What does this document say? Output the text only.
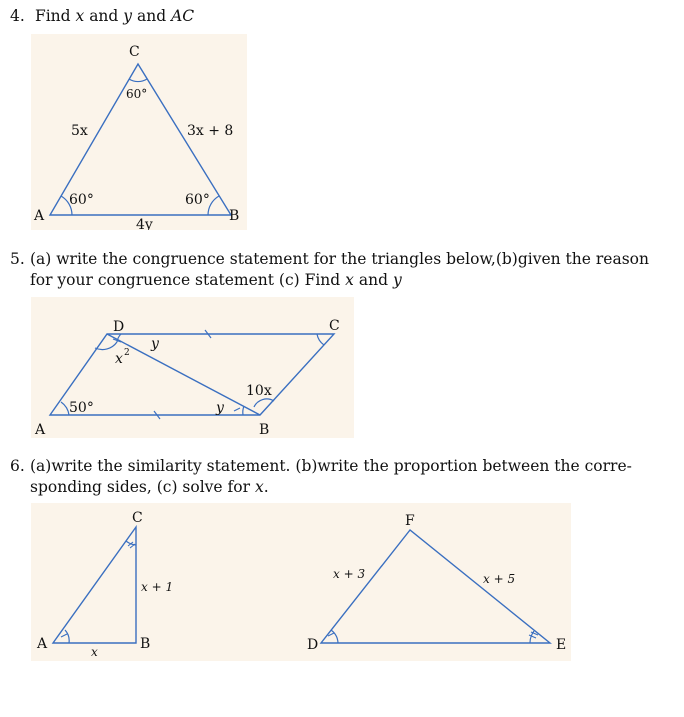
4. Find x and y and AC
C
A	B
60°
60°	60°
5x	3x + 8
4y
5. (a) write the congruence statement for the triangles below,(b)given the reason
for your congruence statement (c) Find x and y
D	C
A	B
y
x 2
50°
10x
y
6. (a)write the similarity statement. (b)write the proportion between the corre-
sponding sides, (c) solve for x.
C
A	B
x + 1
x
F
D	E
x + 3	x + 5
